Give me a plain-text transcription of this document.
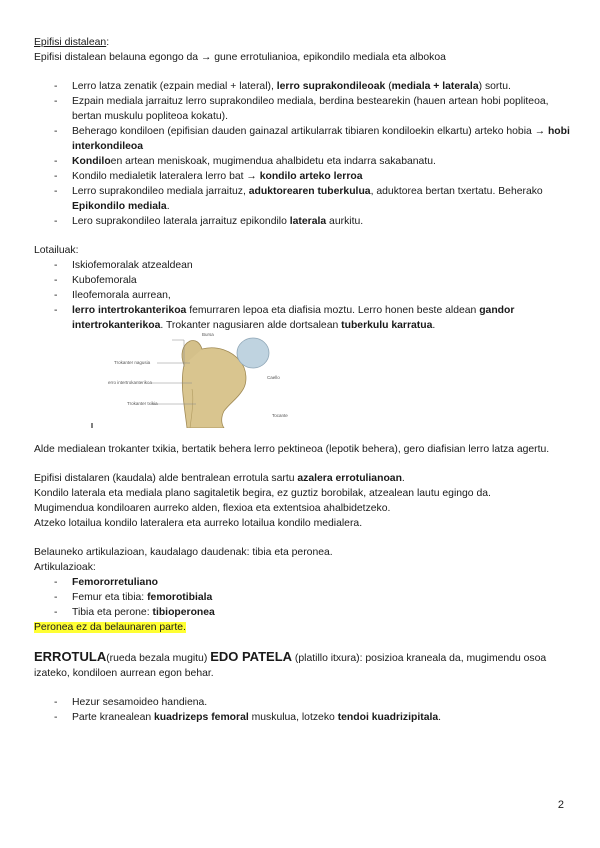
Epifisi distalean:

Epifisi distalean belauna egongo da → gune errotulianioa, epikondilo mediala eta albokoa

- Lerro latza zenatik (ezpain medial + lateral), lerro suprakondileoak (mediala + laterala) sortu.
- Ezpain mediala jarraituz lerro suprakondileo mediala, berdina bestearekin (hauen artean hobi popliteoa, bertan muskulu popliteoa kokatu).
- Beherago kondiloen (epifisian dauden gainazal artikularrak tibiaren kondiloekin elkartu) arteko hobia → hobi interkondileoa
- Kondiloen artean meniskoak, mugimendua ahalbidetu eta indarra sakabanatu.
- Kondilo medialetik lateralera lerro bat → kondilo arteko lerroa
- Lerro suprakondileo mediala jarraituz, aduktorearen tuberkulua, aduktorea bertan txertatu. Beherako Epikondilo mediala.
- Lero suprakondileo laterala jarraituz epikondilo laterala aurkitu.

Lotailuak:

- Iskiofemoralak atzealdean
- Kubofemorala
- Ileofemorala aurrean,
- lerro intertrokanterikoa femurraren lepoa eta diafisia moztu. Lerro honen beste aldean gandor intertrokanterikoa. Trokanter nagusiaren alde dortsalean tuberkulu karratua.
Bursa
Trokanter nagusia
erro intertrokanterikoa
Trokanter txikia
Caello
Tocante

Alde medialean trokanter txikia, bertatik behera lerro pektineoa (lepotik behera), gero diafisian lerro latza agertu.

Epifisi distalaren (kaudala) alde bentralean errotula sartu azalera errotulianoan.

Kondilo laterala eta mediala plano sagitaletik begira, ez guztiz borobilak, atzealean lautu egingo da.

Mugimendua kondiloaren aurreko alden, flexioa eta extentsioa ahalbidetzeko.

Atzeko lotailua kondilo lateralera eta aurreko lotailua kondilo medialera.

Belauneko artikulazioan, kaudalago daudenak: tibia eta peronea.

Artikulazioak:

- Femororretuliano
- Femur eta tibia: femorotibiala
- Tibia eta perone: tibioperonea

Peronea ez da belaunaren parte.

ERROTULA(rueda bezala mugitu) EDO PATELA (platillo itxura): posizioa kraneala da, mugimendu osoa izateko, kondiloen aurrean egon behar.

- Hezur sesamoideo handiena.
- Parte kranealean kuadrizeps femoral muskulua, lotzeko tendoi kuadrizipitala.
2
